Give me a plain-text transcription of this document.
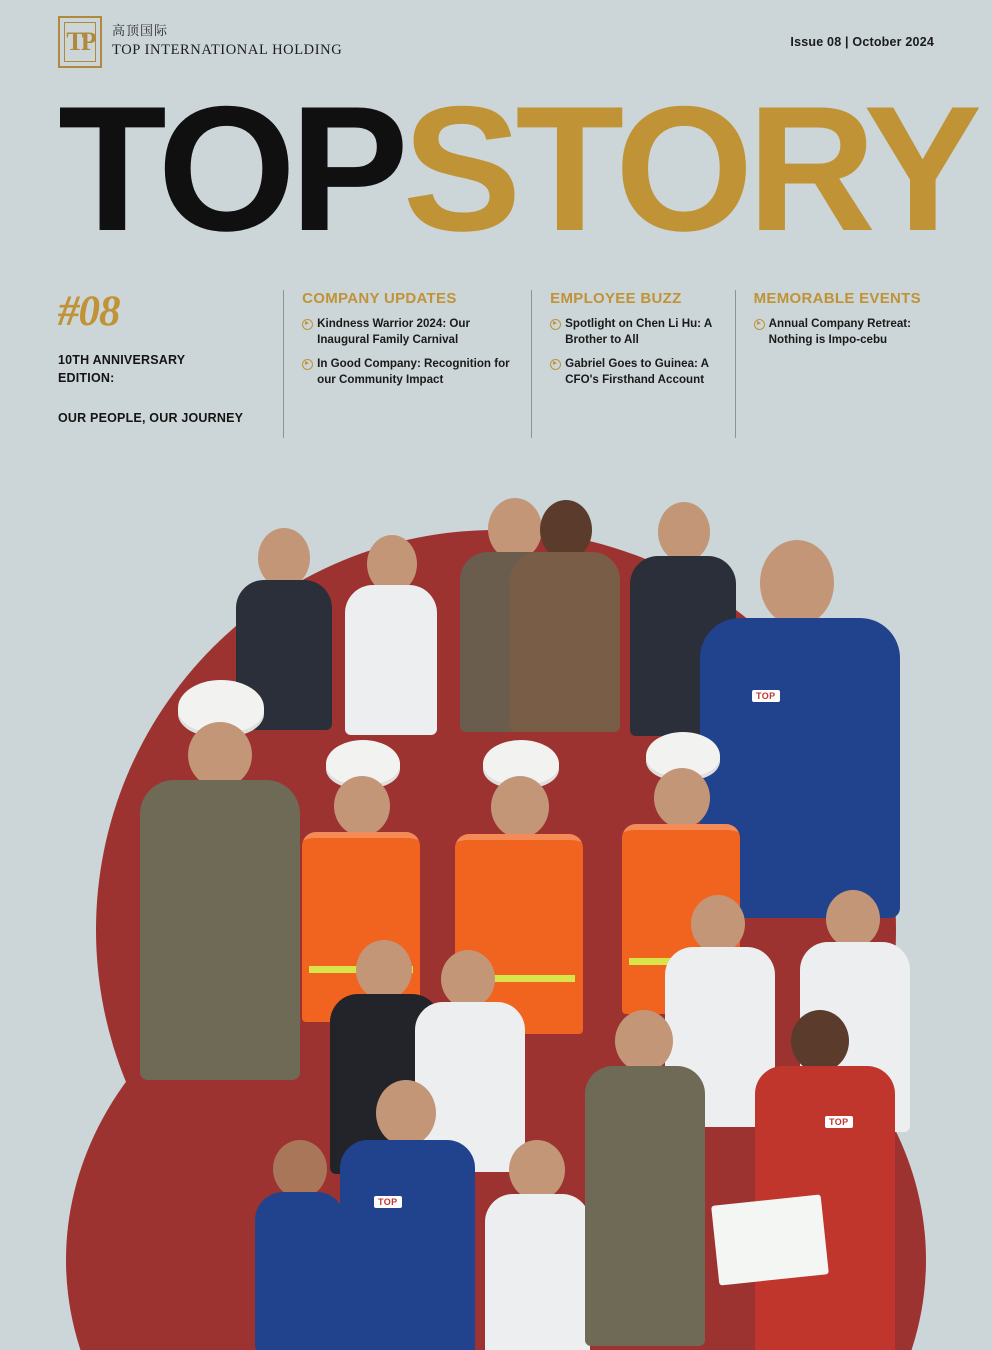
TP	高顶国际
TOP INTERNATIONAL HOLDING
Issue 08 | October 2024
TOP STORY
#08
10TH ANNIVERSARY
EDITION:
OUR PEOPLE, OUR JOURNEY
COMPANY UPDATES
Kindness Warrior 2024: Our Inaugural Family Carnival
In Good Company: Recognition for our Community Impact
EMPLOYEE BUZZ
Spotlight on Chen Li Hu: A Brother to All
Gabriel Goes to Guinea: A CFO's Firsthand Account
MEMORABLE EVENTS
Annual Company Retreat: Nothing is Impo-cebu
TOP
TOP
TOP
